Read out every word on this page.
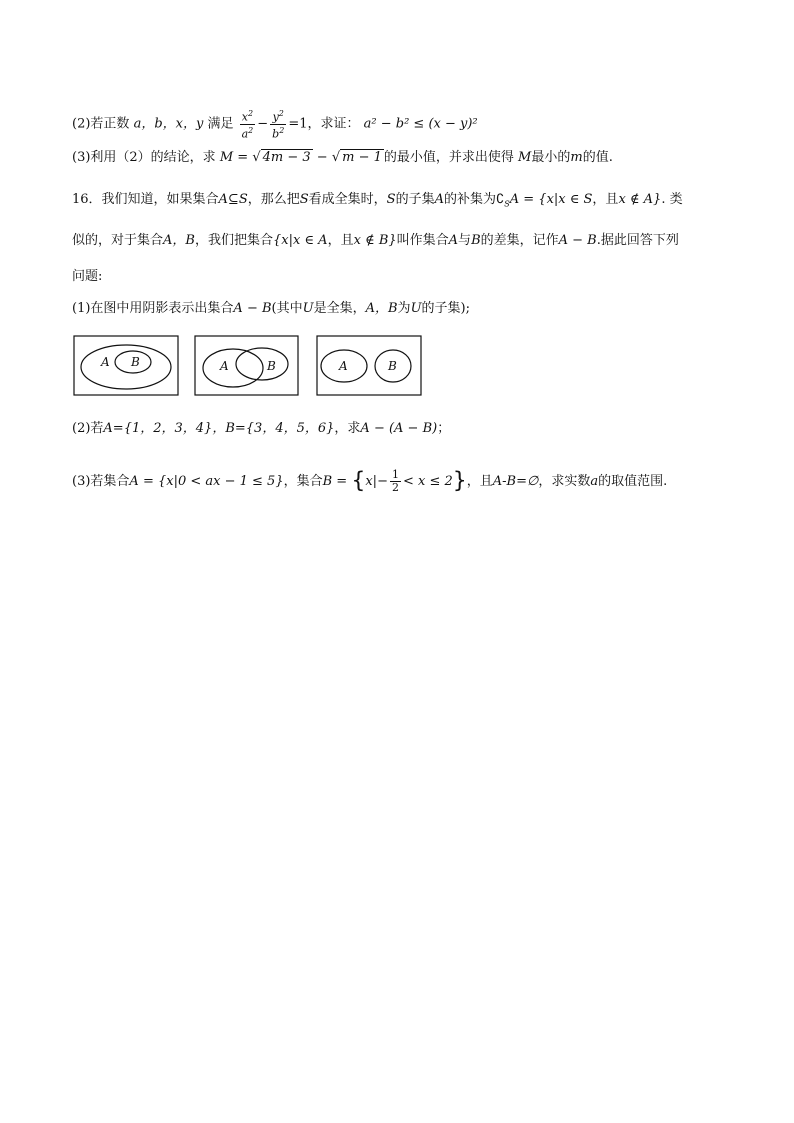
(2)若正数 a，b，x，y 满足 $\frac{x^2}{a^2} - \frac{y^2}{b^2} =1$，求证： a² − b² ≤ (x − y)²
(3)利用（2）的结论，求 M = √ 4m − 3 − √ m − 1 的最小值，并求出使得 M最小的m的值.
16．我们知道，如果集合A⊆S，那么把S看成全集时，S的子集A的补集为$∁_SA = \{x|x$ ∈ S，且x ∉ A}. 类
似的，对于集合A，B，我们把集合{x|x ∈ A，且x ∉ B}叫作集合A与B的差集，记作A − B.据此回答下列
问题:
(1)在图中用阴影表示出集合A − B(其中U是全集，A，B为U的子集);
A B	A	B	A	B
(2)若A={1，2，3，4}，B={3，4，5，6}，求A − (A − B)；
(3)若集合A = {x|0 < ax − 1 ≤ 5}，集合$B = \{x|- \frac{1}{2} < x \le 2\}$，且A-B=∅，求实数a的取值范围.
